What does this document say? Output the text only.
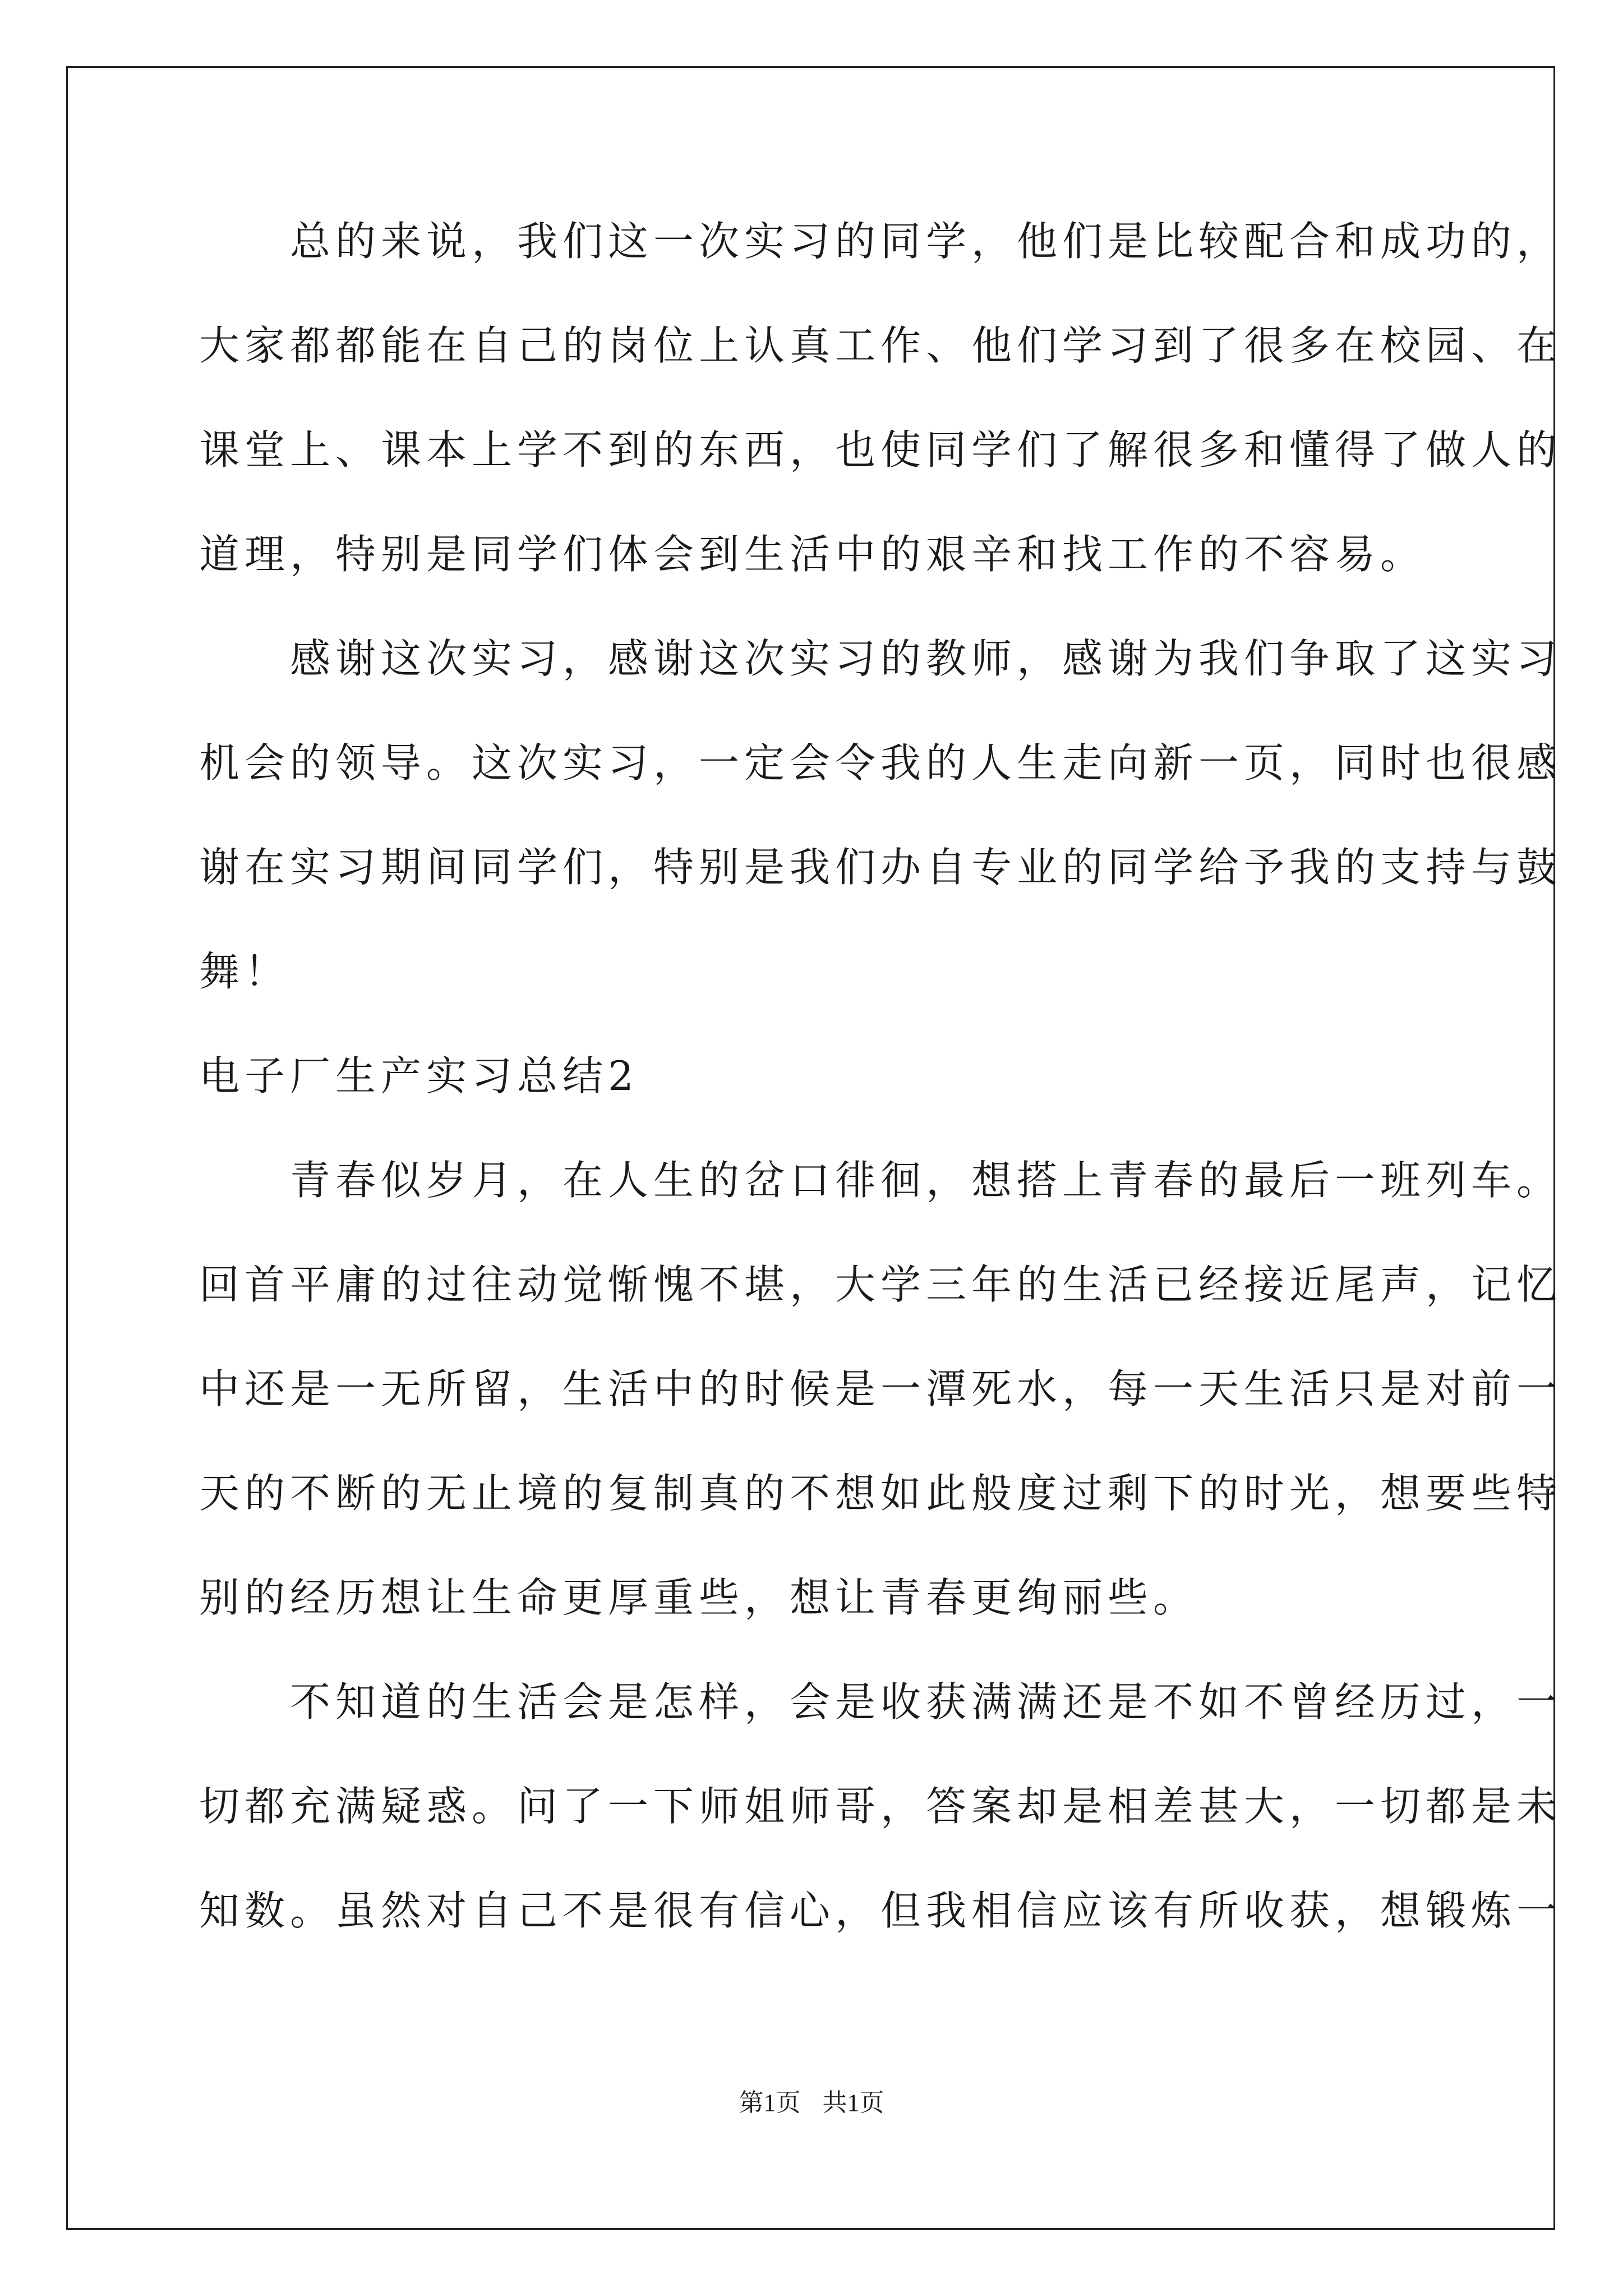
　　总的来说，我们这一次实习的同学，他们是比较配合和成功的，
大家都都能在自己的岗位上认真工作、他们学习到了很多在校园、在
课堂上、课本上学不到的东西，也使同学们了解很多和懂得了做人的
道理，特别是同学们体会到生活中的艰辛和找工作的不容易。
　　感谢这次实习，感谢这次实习的教师，感谢为我们争取了这实习
机会的领导。这次实习，一定会令我的人生走向新一页，同时也很感
谢在实习期间同学们，特别是我们办自专业的同学给予我的支持与鼓
舞！
电子厂生产实习总结2
　　青春似岁月，在人生的岔口徘徊，想搭上青春的最后一班列车。
回首平庸的过往动觉惭愧不堪，大学三年的生活已经接近尾声，记忆
中还是一无所留，生活中的时候是一潭死水，每一天生活只是对前一
天的不断的无止境的复制真的不想如此般度过剩下的时光，想要些特
别的经历想让生命更厚重些，想让青春更绚丽些。
　　不知道的生活会是怎样，会是收获满满还是不如不曾经历过，一
切都充满疑惑。问了一下师姐师哥，答案却是相差甚大，一切都是未
知数。虽然对自己不是很有信心，但我相信应该有所收获，想锻炼一
第1页 共1页
